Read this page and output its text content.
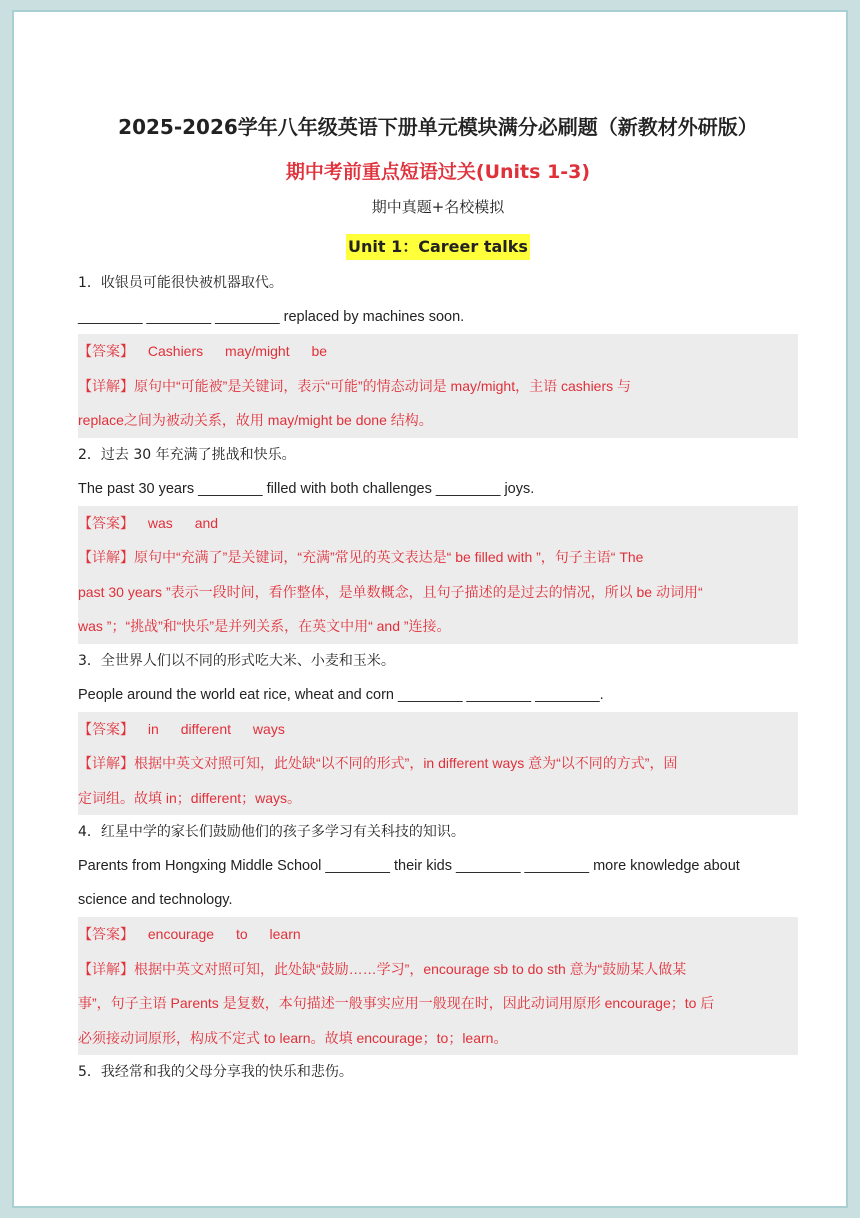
2025-2026学年八年级英语下册单元模块满分必刷题（新教材外研版）
期中考前重点短语过关(Units 1-3)
期中真题+名校模拟
Unit 1：Career talks
1．收银员可能很快被机器取代。
________ ________ ________ replaced by machines soon.
【答案】 Cashiers may/might be
【详解】原句中“可能被”是关键词，表示“可能”的情态动词是 may/might，主语 cashiers 与
replace之间为被动关系，故用 may/might be done 结构。
2．过去 30 年充满了挑战和快乐。
The past 30 years ________ filled with both challenges ________ joys.
【答案】 was and
【详解】原句中“充满了”是关键词，“充满”常见的英文表达是“ be filled with ”，句子主语“ The
past 30 years ”表示一段时间，看作整体，是单数概念，且句子描述的是过去的情况，所以 be 动词用“
was ”；“挑战”和“快乐”是并列关系，在英文中用“ and ”连接。
3．全世界人们以不同的形式吃大米、小麦和玉米。
People around the world eat rice, wheat and corn ________ ________ ________.
【答案】 in different ways
【详解】根据中英文对照可知，此处缺“以不同的形式”，in different ways 意为“以不同的方式”，固
定词组。故填 in；different；ways。
4．红星中学的家长们鼓励他们的孩子多学习有关科技的知识。
Parents from Hongxing Middle School ________ their kids ________ ________ more knowledge about
science and technology.
【答案】 encourage to learn
【详解】根据中英文对照可知，此处缺“鼓励……学习”，encourage sb to do sth 意为“鼓励某人做某
事”，句子主语 Parents 是复数，本句描述一般事实应用一般现在时，因此动词用原形 encourage；to 后
必须接动词原形，构成不定式 to learn。故填 encourage；to；learn。
5．我经常和我的父母分享我的快乐和悲伤。
